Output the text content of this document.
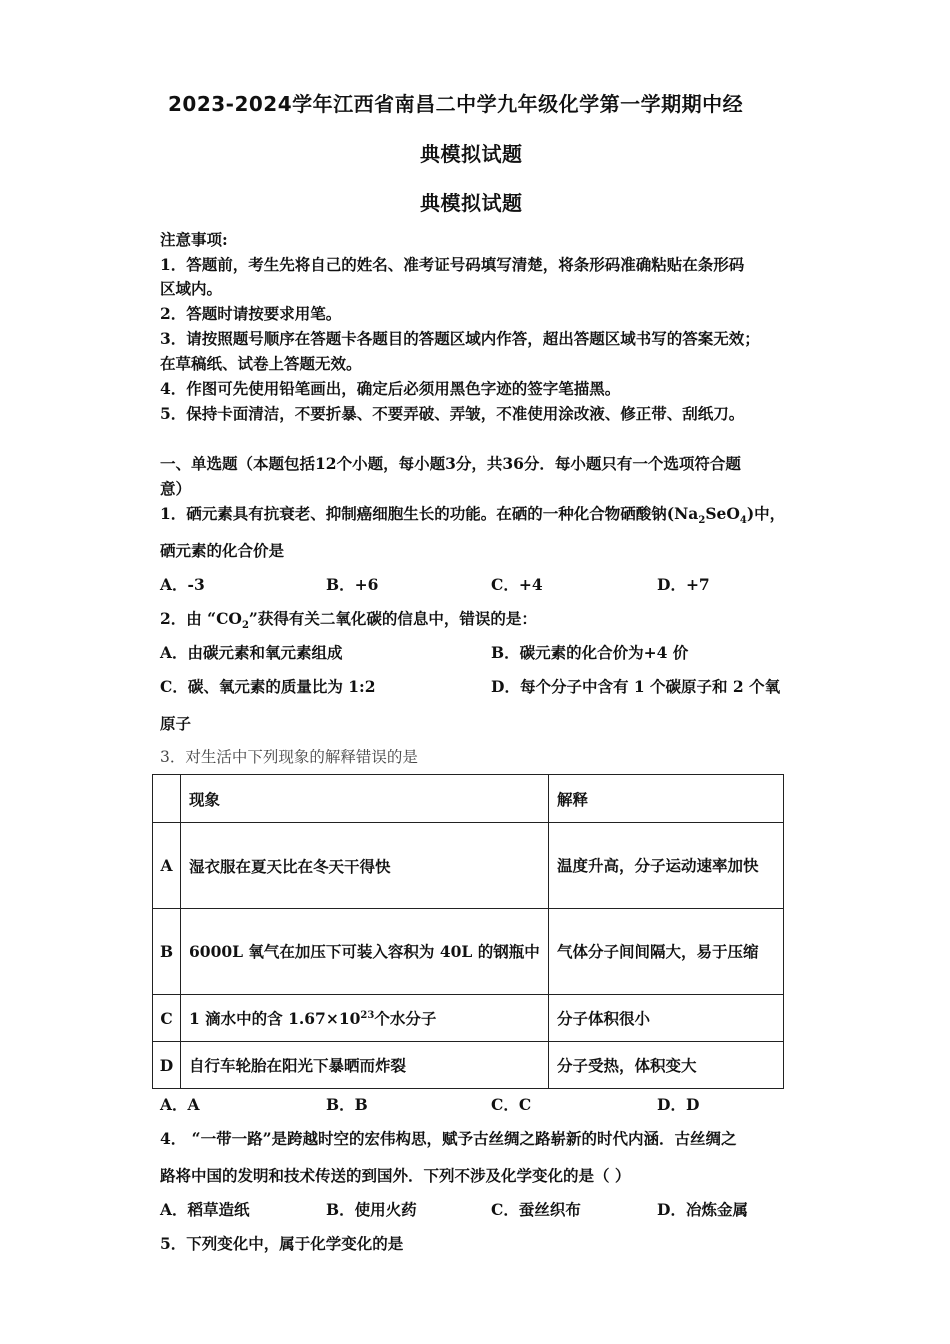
2023-2024学年江西省南昌二中学九年级化学第一学期期中经
典模拟试题
典模拟试题
注意事项:
1．答题前，考生先将自己的姓名、准考证号码填写清楚，将条形码准确粘贴在条形码
区域内。
2．答题时请按要求用笔。
3．请按照题号顺序在答题卡各题目的答题区域内作答，超出答题区域书写的答案无效；
在草稿纸、试卷上答题无效。
4．作图可先使用铅笔画出，确定后必须用黑色字迹的签字笔描黑。
5．保持卡面清洁，不要折暴、不要弄破、弄皱，不准使用涂改液、修正带、刮纸刀。
一、单选题（本题包括12个小题，每小题3分，共36分．每小题只有一个选项符合题
意）
1．硒元素具有抗衰老、抑制癌细胞生长的功能。在硒的一种化合物硒酸钠$(Na_2SeO_4)$中，
硒元素的化合价是
A．-3	B．+6	C．+4	D．+7
2．由 “$CO_2$”获得有关二氧化碳的信息中，错误的是：
A．由碳元素和氧元素组成	B．碳元素的化合价为+4 价
C．碳、氧元素的质量比为 1:2	D．每个分子中含有 1 个碳原子和 2 个氧
原子
3．对生活中下列现象的解释错误的是
	现象	解释
A	湿衣服在夏天比在冬天干得快	温度升高，分子运动速率加快
B	6000L 氧气在加压下可装入容积为 40L 的钢瓶中	气体分子间间隔大，易于压缩
C	1 滴水中的含 $1.67\times 10^{23}$个水分子	分子体积很小
D	自行车轮胎在阳光下暴晒而炸裂	分子受热，体积变大
A．A	B．B	C．C	D．D
4． “一带一路”是跨越时空的宏伟构思，赋予古丝绸之路崭新的时代内涵．古丝绸之
路将中国的发明和技术传送的到国外．下列不涉及化学变化的是（ ）
A．稻草造纸	B．使用火药	C．蚕丝织布	D．冶炼金属
5．下列变化中，属于化学变化的是
